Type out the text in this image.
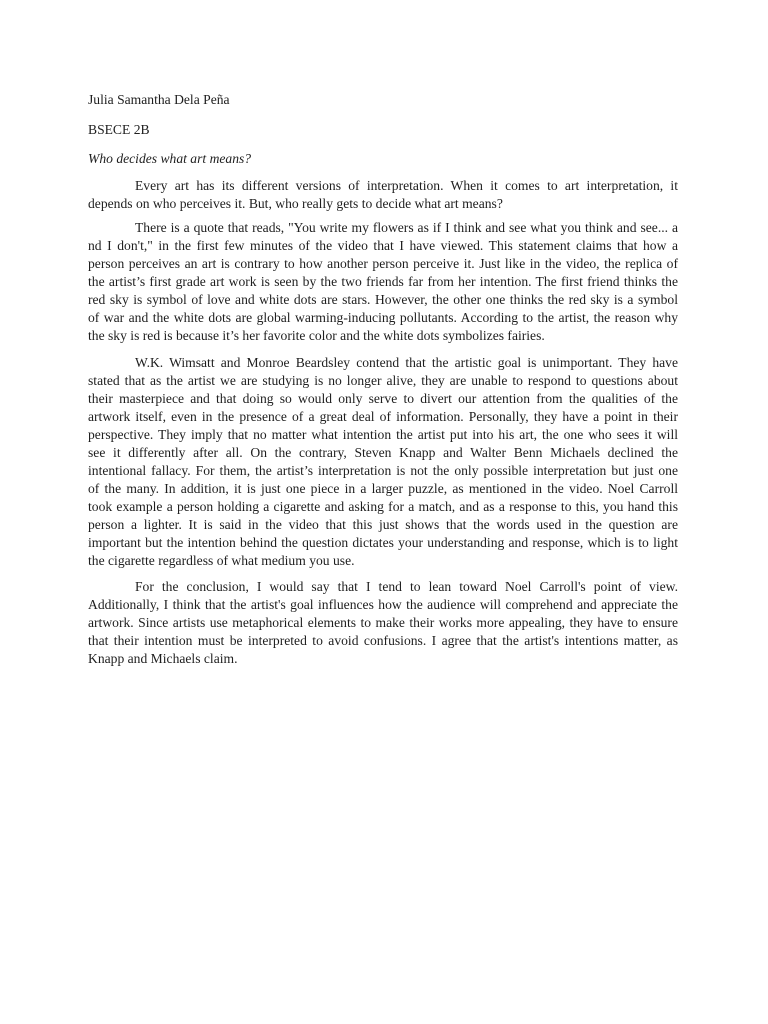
Julia Samantha Dela Peña
BSECE 2B
Who decides what art means?
Every art has its different versions of interpretation. When it comes to art interpretation, it
depends on who perceives it. But, who really gets to decide what art means?
There is a quote that reads, "You write my flowers as if I think and see what you think and see... a
nd I don't," in the first few minutes of the video that I have viewed. This statement claims that how a
person perceives an art is contrary to how another person perceive it. Just like in the video, the replica of
the artist’s first grade art work is seen by the two friends far from her intention. The first friend thinks the
red sky is symbol of love and white dots are stars. However, the other one thinks the red sky is a symbol
of war and the white dots are global warming-inducing pollutants. According to the artist, the reason why
the sky is red is because it’s her favorite color and the white dots symbolizes fairies.
W.K. Wimsatt and Monroe Beardsley contend that the artistic goal is unimportant. They have
stated that as the artist we are studying is no longer alive, they are unable to respond to questions about
their masterpiece and that doing so would only serve to divert our attention from the qualities of the
artwork itself, even in the presence of a great deal of information. Personally, they have a point in their
perspective. They imply that no matter what intention the artist put into his art, the one who sees it will
see it differently after all. On the contrary, Steven Knapp and Walter Benn Michaels declined the
intentional fallacy. For them, the artist’s interpretation is not the only possible interpretation but just one
of the many. In addition, it is just one piece in a larger puzzle, as mentioned in the video. Noel Carroll
took example a person holding a cigarette and asking for a match, and as a response to this, you hand this
person a lighter. It is said in the video that this just shows that the words used in the question are
important but the intention behind the question dictates your understanding and response, which is to light
the cigarette regardless of what medium you use.
For the conclusion, I would say that I tend to lean toward Noel Carroll's point of view.
Additionally, I think that the artist's goal influences how the audience will comprehend and appreciate the
artwork. Since artists use metaphorical elements to make their works more appealing, they have to ensure
that their intention must be interpreted to avoid confusions. I agree that the artist's intentions matter, as
Knapp and Michaels claim.
